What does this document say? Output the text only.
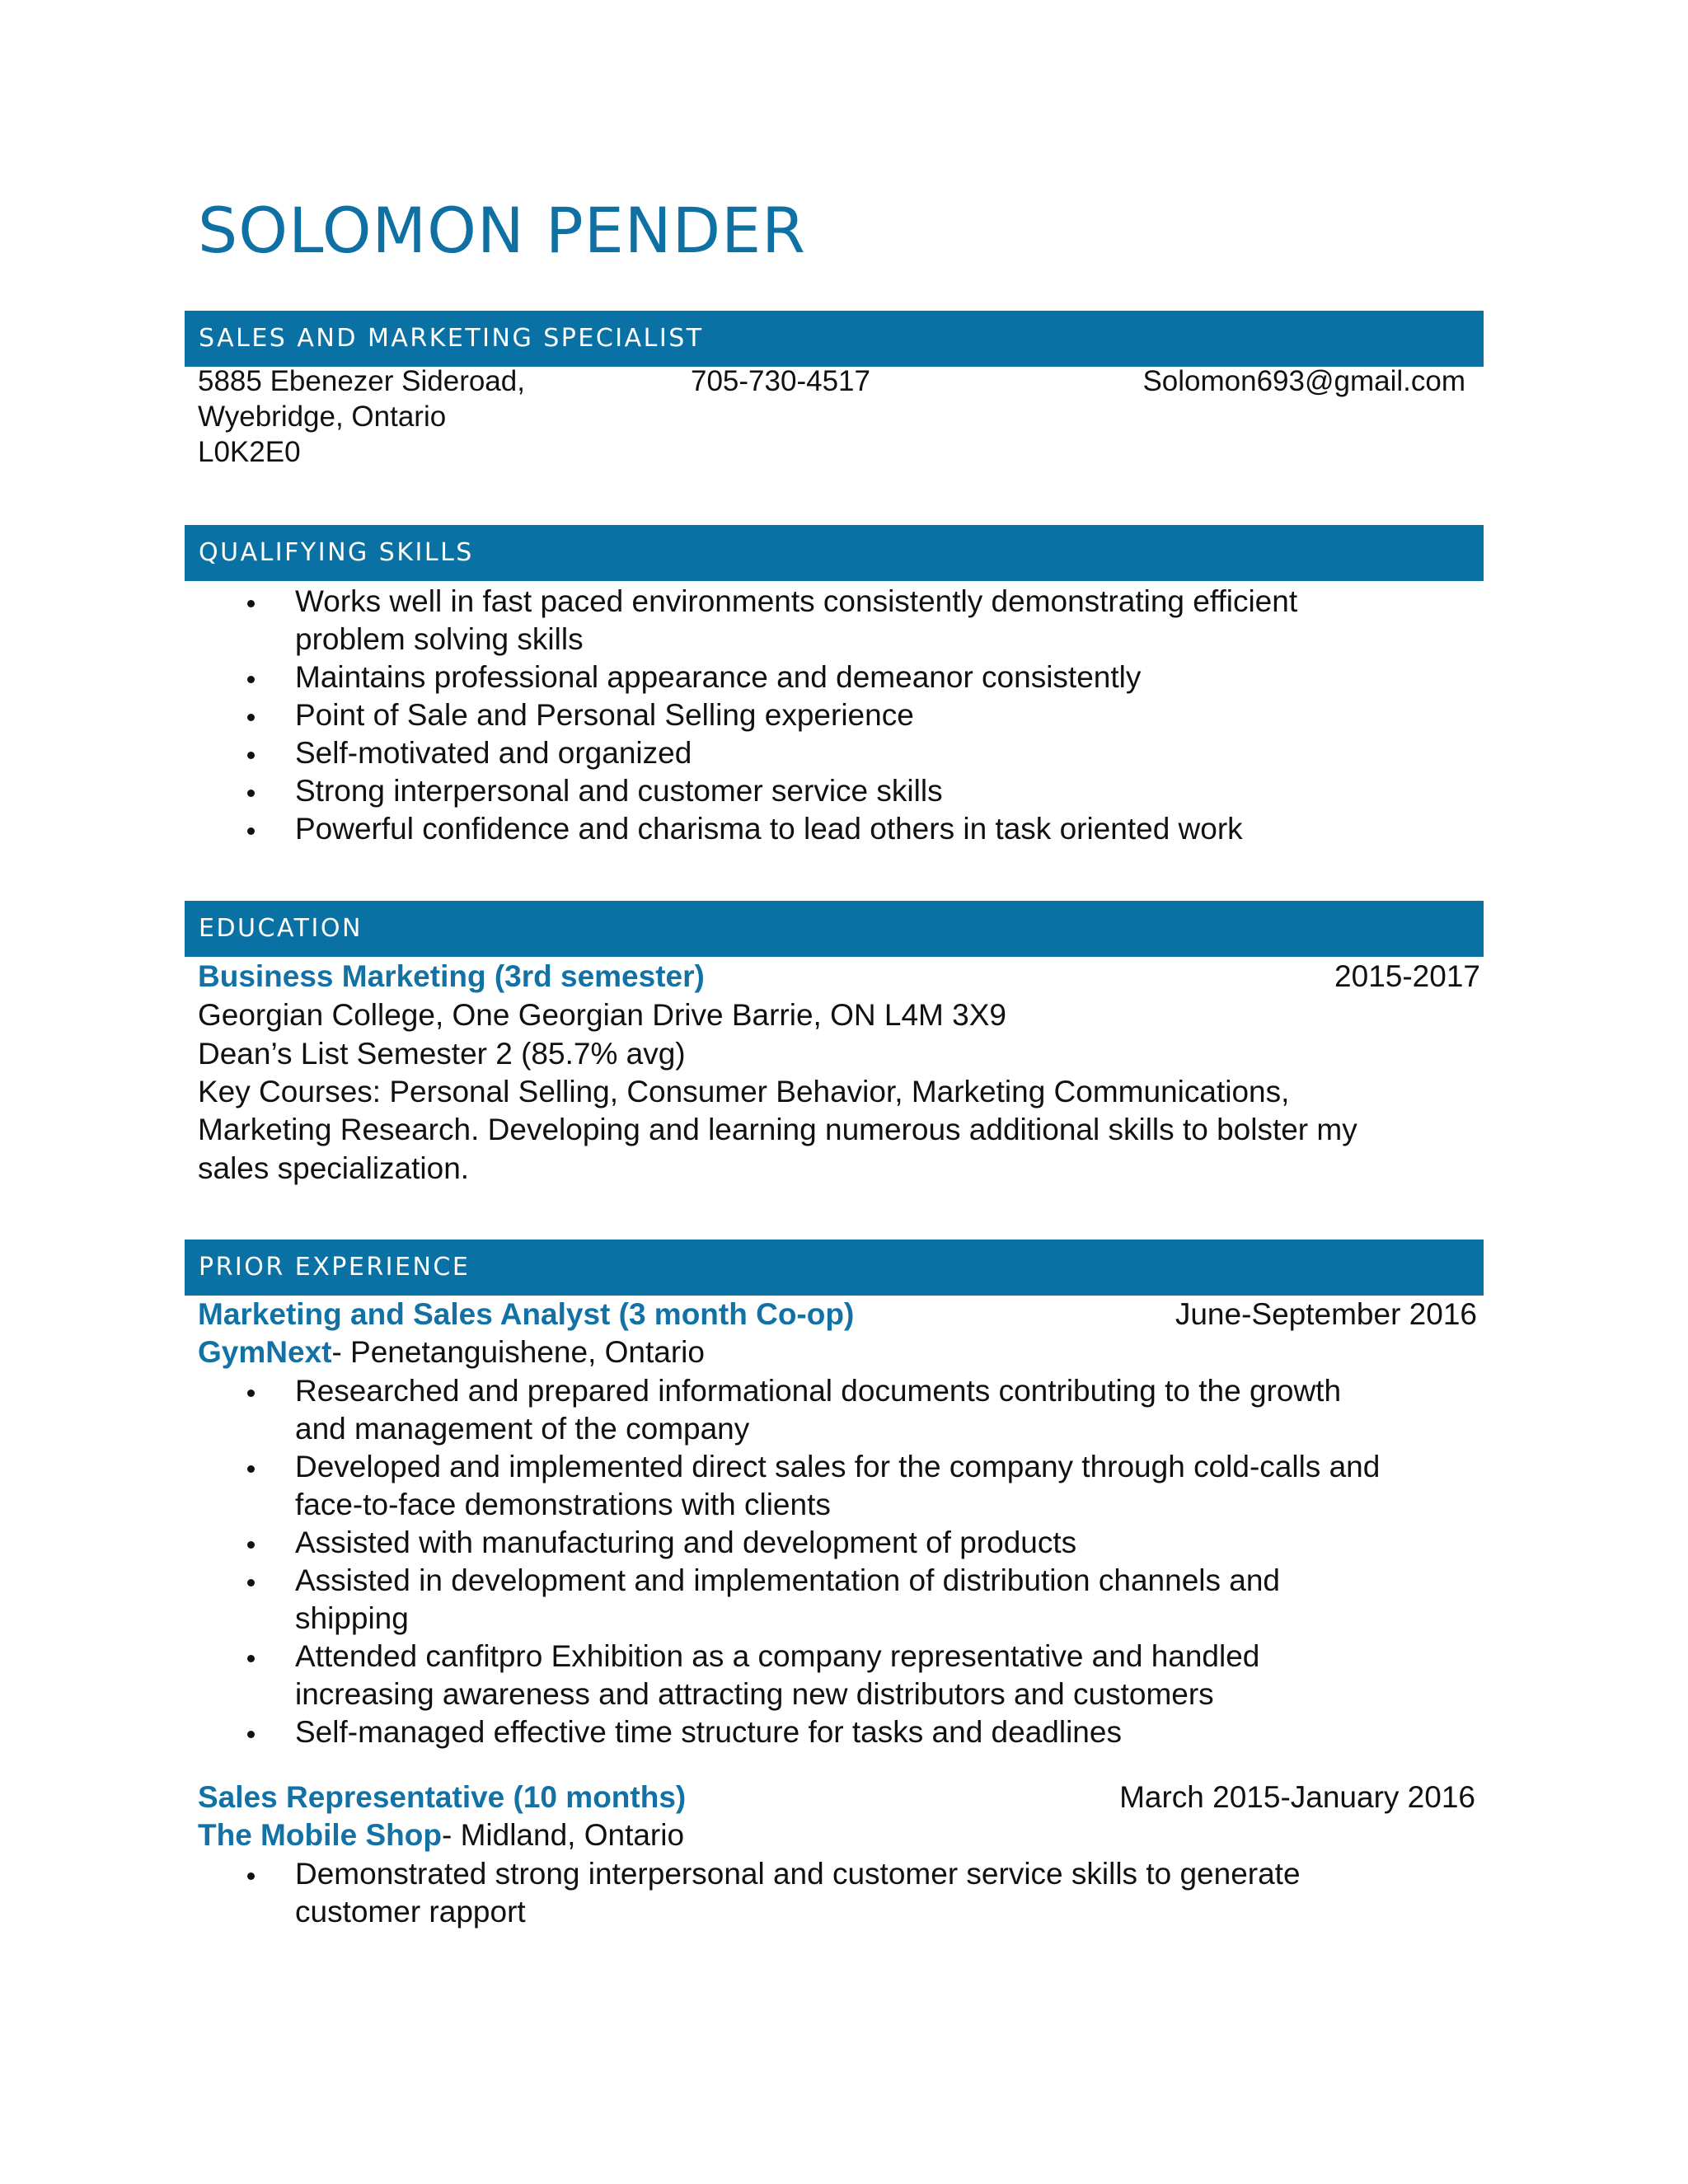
SOLOMON PENDER
SALES AND MARKETING SPECIALIST
5885 Ebenezer Sideroad,
Wyebridge, Ontario
L0K2E0
705-730-4517	Solomon693@gmail.com
QUALIFYING SKILLS
Works well in fast paced environments consistently demonstrating efficient
problem solving skills
Maintains professional appearance and demeanor consistently
Point of Sale and Personal Selling experience
Self-motivated and organized
Strong interpersonal and customer service skills
Powerful confidence and charisma to lead others in task oriented work
EDUCATION
Business Marketing (3rd semester)	2015-2017
Georgian College, One Georgian Drive Barrie, ON L4M 3X9
Dean’s List Semester 2 (85.7% avg)
Key Courses: Personal Selling, Consumer Behavior, Marketing Communications,
Marketing Research. Developing and learning numerous additional skills to bolster my
sales specialization.
PRIOR EXPERIENCE
Marketing and Sales Analyst (3 month Co-op)	June-September 2016
GymNext- Penetanguishene, Ontario
Researched and prepared informational documents contributing to the growth
and management of the company
Developed and implemented direct sales for the company through cold-calls and
face-to-face demonstrations with clients
Assisted with manufacturing and development of products
Assisted in development and implementation of distribution channels and
shipping
Attended canfitpro Exhibition as a company representative and handled
increasing awareness and attracting new distributors and customers
Self-managed effective time structure for tasks and deadlines
Sales Representative (10 months)	March 2015-January 2016
The Mobile Shop- Midland, Ontario
Demonstrated strong interpersonal and customer service skills to generate
customer rapport
